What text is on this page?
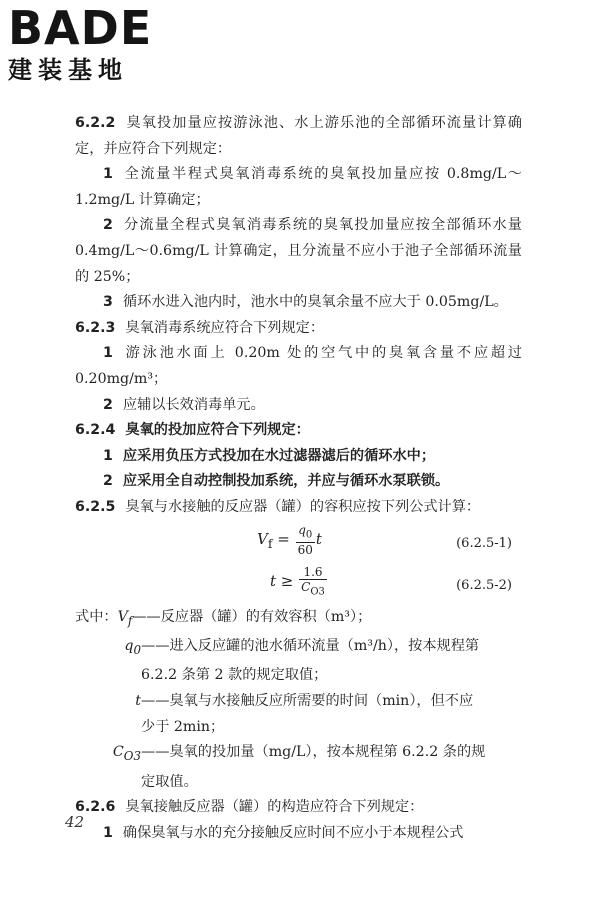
BADE
建装基地

6.2.2 臭氧投加量应按游泳池、水上游乐池的全部循环流量计算确定，并应符合下列规定：

1 全流量半程式臭氧消毒系统的臭氧投加量应按 0.8mg/L～1.2mg/L 计算确定；

2 分流量全程式臭氧消毒系统的臭氧投加量应按全部循环水量 0.4mg/L～0.6mg/L 计算确定，且分流量不应小于池子全部循环流量的 25%；

3 循环水进入池内时，池水中的臭氧余量不应大于 0.05mg/L。

6.2.3 臭氧消毒系统应符合下列规定：

1 游泳池水面上 0.20m 处的空气中的臭氧含量不应超过 0.20mg/m³；

2 应辅以长效消毒单元。

6.2.4 臭氧的投加应符合下列规定：

1 应采用负压方式投加在水过滤器滤后的循环水中；

2 应采用全自动控制投加系统，并应与循环水泵联锁。

6.2.5 臭氧与水接触的反应器（罐）的容积应按下列公式计算：

$V_f = \frac{q_0}{60}$ t	(6.2.5-1)
$t \ge \frac{1.6}{C_{O3}}$	(6.2.5-2)
式中： $V_f$ ——反应器（罐）的有效容积（m³）；
$q_0$ ——进入反应罐的池水循环流量（m³/h），按本规程第
6.2.2 条第 2 款的规定取值；
t ——臭氧与水接触反应所需要的时间（min），但不应
少于 2min；
$C_{O3}$ ——臭氧的投加量（mg/L），按本规程第 6.2.2 条的规
定取值。

6.2.6 臭氧接触反应器（罐）的构造应符合下列规定：

1 确保臭氧与水的充分接触反应时间不应小于本规程公式

42
